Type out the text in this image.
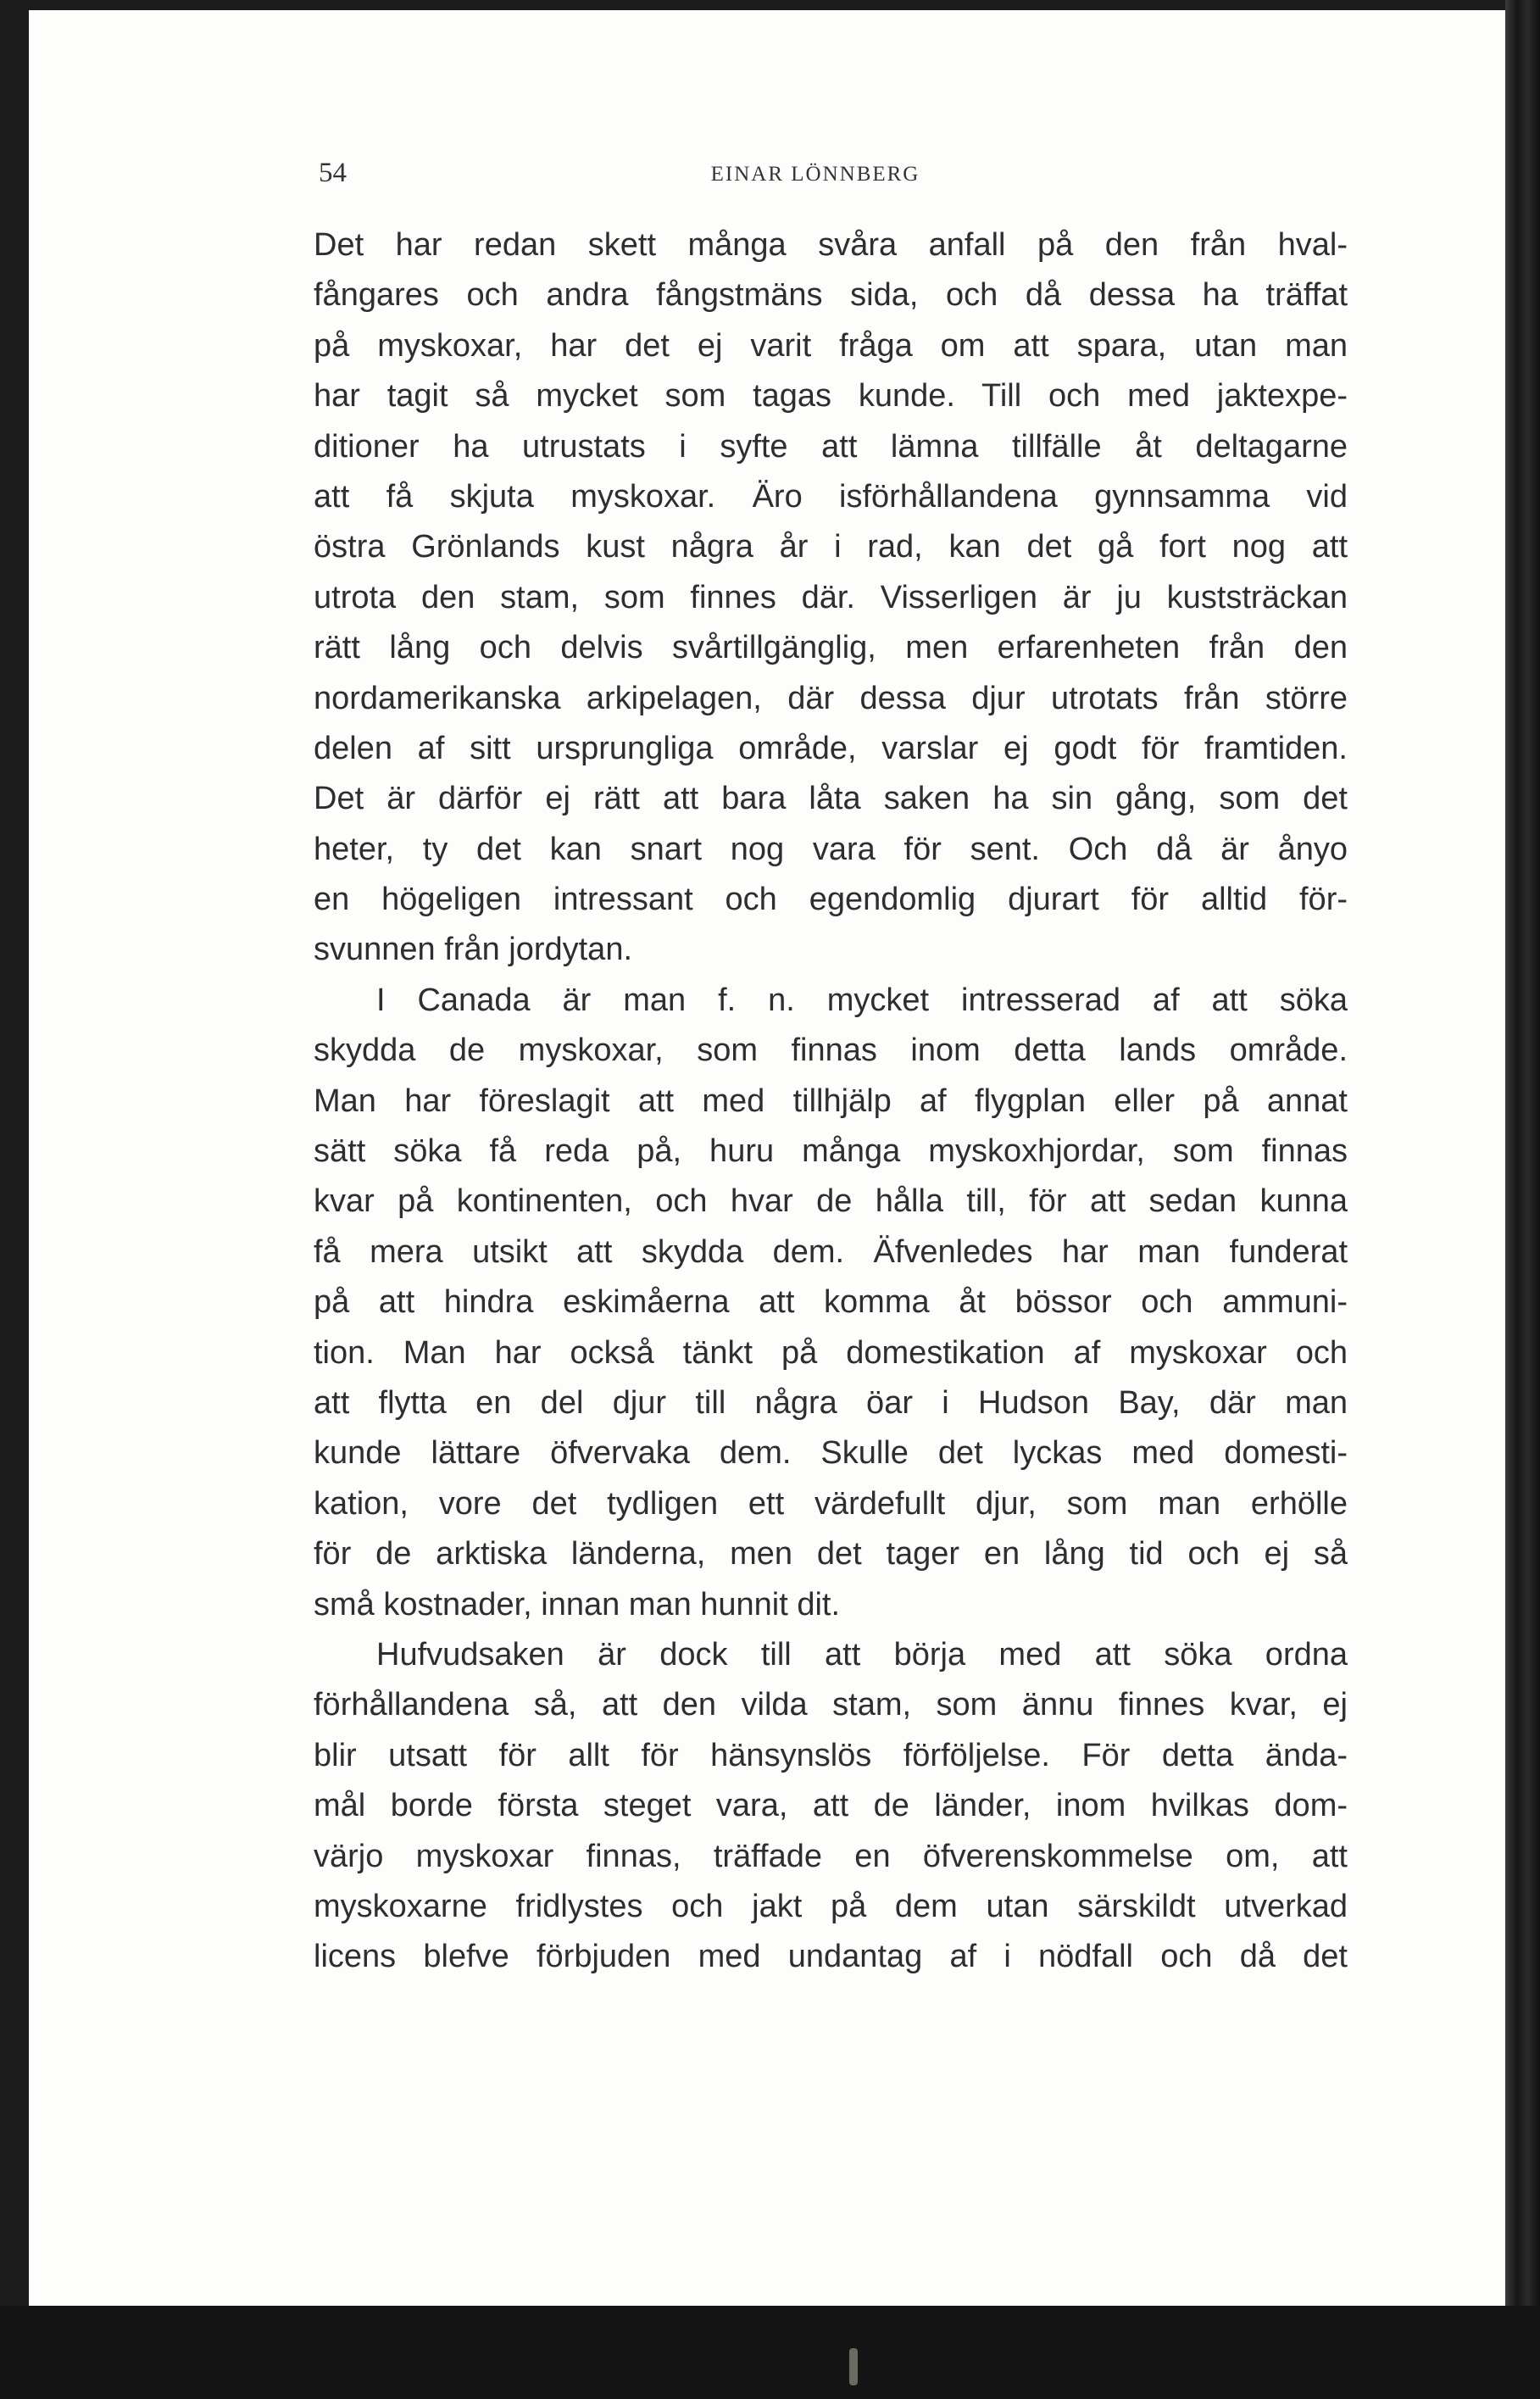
54	EINAR LÖNNBERG

Det har redan skett många svåra anfall på den från hval-

fångares och andra fångstmäns sida, och då dessa ha träffat

på myskoxar, har det ej varit fråga om att spara, utan man

har tagit så mycket som tagas kunde. Till och med jaktexpe-

ditioner ha utrustats i syfte att lämna tillfälle åt deltagarne

att få skjuta myskoxar. Äro isförhållandena gynnsamma vid

östra Grönlands kust några år i rad, kan det gå fort nog att

utrota den stam, som finnes där. Visserligen är ju kuststräckan

rätt lång och delvis svårtillgänglig, men erfarenheten från den

nordamerikanska arkipelagen, där dessa djur utrotats från större

delen af sitt ursprungliga område, varslar ej godt för framtiden.

Det är därför ej rätt att bara låta saken ha sin gång, som det

heter, ty det kan snart nog vara för sent. Och då är ånyo

en högeligen intressant och egendomlig djurart för alltid för-

svunnen från jordytan.

I Canada är man f. n. mycket intresserad af att söka

skydda de myskoxar, som finnas inom detta lands område.

Man har föreslagit att med tillhjälp af flygplan eller på annat

sätt söka få reda på, huru många myskoxhjordar, som finnas

kvar på kontinenten, och hvar de hålla till, för att sedan kunna

få mera utsikt att skydda dem. Äfvenledes har man funderat

på att hindra eskimåerna att komma åt bössor och ammuni-

tion. Man har också tänkt på domestikation af myskoxar och

att flytta en del djur till några öar i Hudson Bay, där man

kunde lättare öfvervaka dem. Skulle det lyckas med domesti-

kation, vore det tydligen ett värdefullt djur, som man erhölle

för de arktiska länderna, men det tager en lång tid och ej så

små kostnader, innan man hunnit dit.

Hufvudsaken är dock till att börja med att söka ordna

förhållandena så, att den vilda stam, som ännu finnes kvar, ej

blir utsatt för allt för hänsynslös förföljelse. För detta ända-

mål borde första steget vara, att de länder, inom hvilkas dom-

värjo myskoxar finnas, träffade en öfverenskommelse om, att

myskoxarne fridlystes och jakt på dem utan särskildt utverkad

licens blefve förbjuden med undantag af i nödfall och då det
